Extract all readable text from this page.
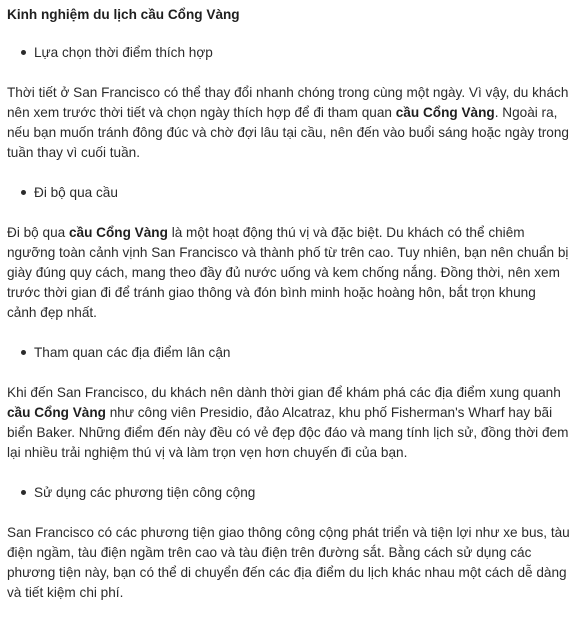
Kinh nghiệm du lịch cầu Cổng Vàng
Lựa chọn thời điểm thích hợp
Thời tiết ở San Francisco có thể thay đổi nhanh chóng trong cùng một ngày. Vì vậy, du khách
nên xem trước thời tiết và chọn ngày thích hợp để đi tham quan cầu Cổng Vàng. Ngoài ra,
nếu bạn muốn tránh đông đúc và chờ đợi lâu tại cầu, nên đến vào buổi sáng hoặc ngày trong
tuần thay vì cuối tuần.
Đi bộ qua cầu
Đi bộ qua cầu Cổng Vàng là một hoạt động thú vị và đặc biệt. Du khách có thể chiêm
ngưỡng toàn cảnh vịnh San Francisco và thành phố từ trên cao. Tuy nhiên, bạn nên chuẩn bị
giày đúng quy cách, mang theo đầy đủ nước uống và kem chống nắng. Đồng thời, nên xem
trước thời gian đi để tránh giao thông và đón bình minh hoặc hoàng hôn, bắt trọn khung
cảnh đẹp nhất.
Tham quan các địa điểm lân cận
Khi đến San Francisco, du khách nên dành thời gian để khám phá các địa điểm xung quanh
cầu Cổng Vàng như công viên Presidio, đảo Alcatraz, khu phố Fisherman's Wharf hay bãi
biển Baker. Những điểm đến này đều có vẻ đẹp độc đáo và mang tính lịch sử, đồng thời đem
lại nhiều trải nghiệm thú vị và làm trọn vẹn hơn chuyến đi của bạn.
Sử dụng các phương tiện công cộng
San Francisco có các phương tiện giao thông công cộng phát triển và tiện lợi như xe bus, tàu
điện ngầm, tàu điện ngầm trên cao và tàu điện trên đường sắt. Bằng cách sử dụng các
phương tiện này, bạn có thể di chuyển đến các địa điểm du lịch khác nhau một cách dễ dàng
và tiết kiệm chi phí.
